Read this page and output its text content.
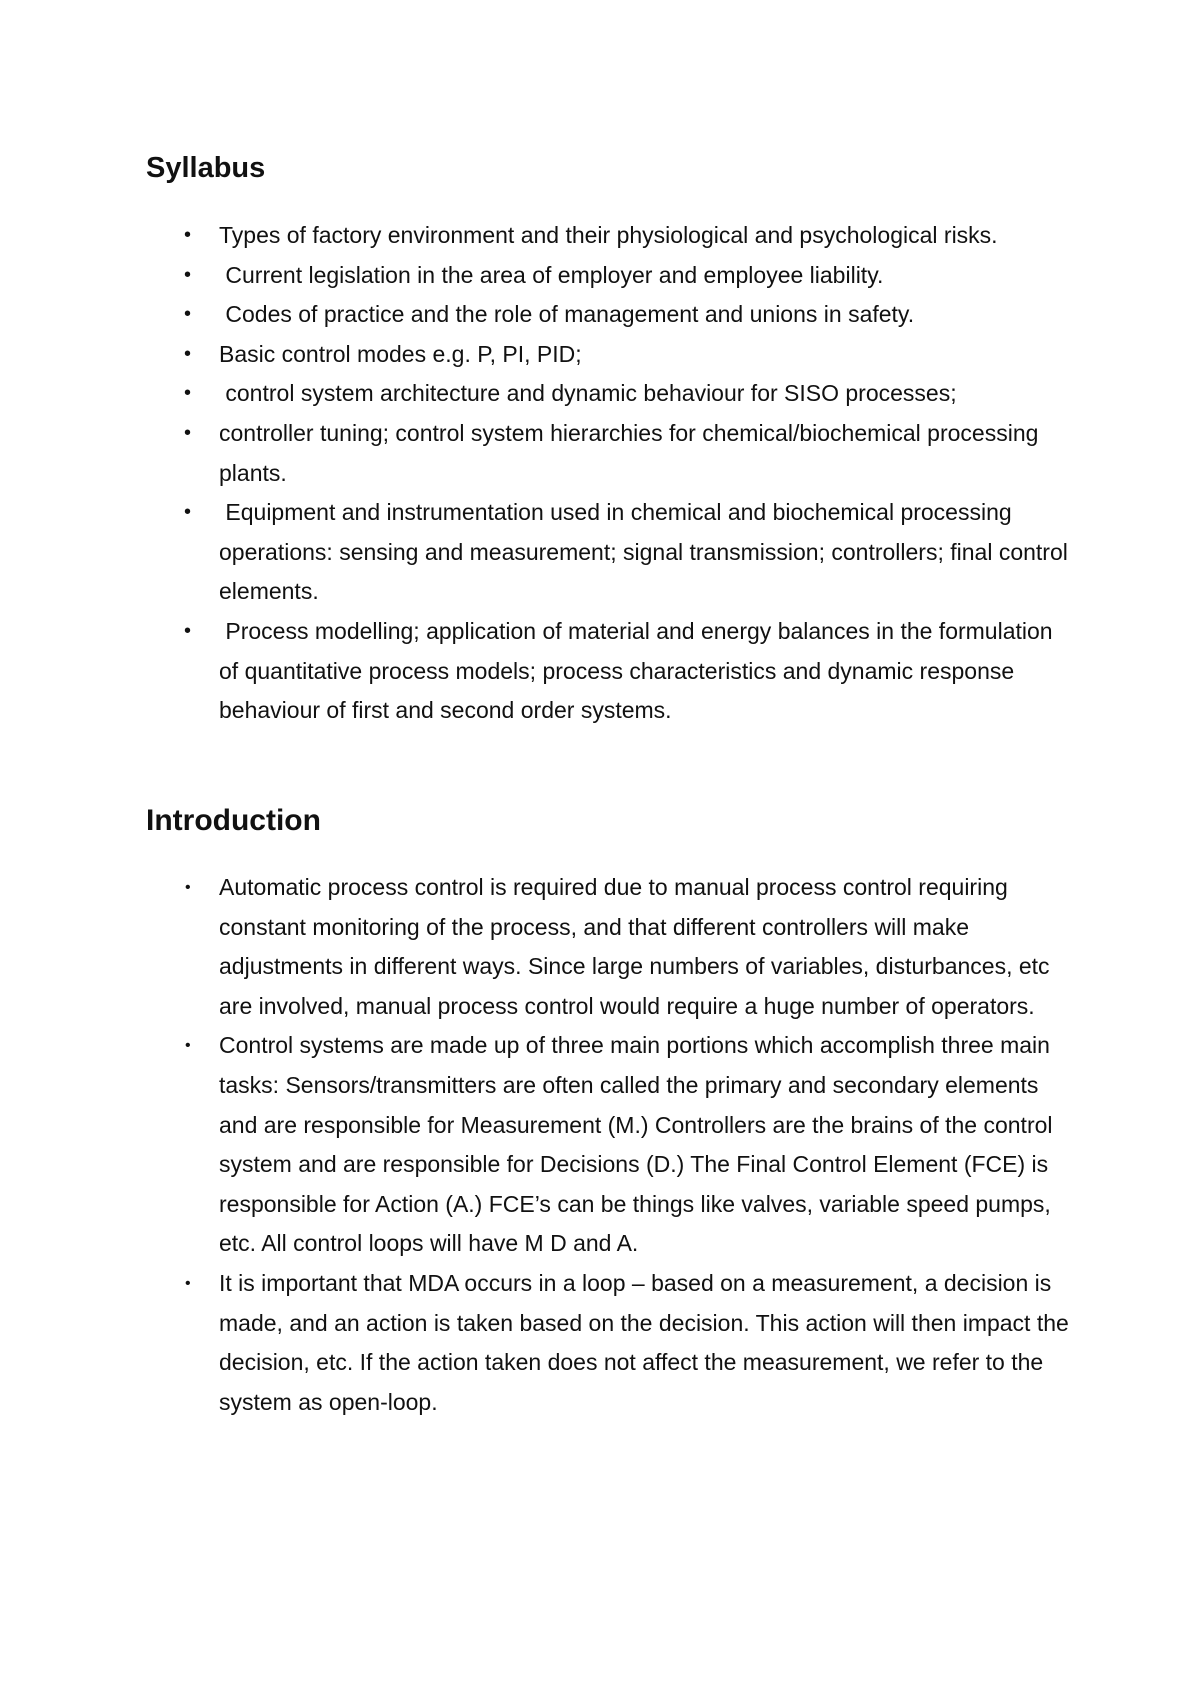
Syllabus
• Types of factory environment and their physiological and psychological risks.
• Current legislation in the area of employer and employee liability.
• Codes of practice and the role of management and unions in safety.
• Basic control modes e.g. P, PI, PID;
• control system architecture and dynamic behaviour for SISO processes;
• controller tuning; control system hierarchies for chemical/biochemical processing plants.
• Equipment and instrumentation used in chemical and biochemical processing operations: sensing and measurement; signal transmission; controllers; final control elements.
• Process modelling; application of material and energy balances in the formulation of quantitative process models; process characteristics and dynamic response behaviour of first and second order systems.
Introduction
• Automatic process control is required due to manual process control requiring constant monitoring of the process, and that different controllers will make adjustments in different ways. Since large numbers of variables, disturbances, etc are involved, manual process control would require a huge number of operators.
• Control systems are made up of three main portions which accomplish three main tasks: Sensors/transmitters are often called the primary and secondary elements and are responsible for Measurement (M.) Controllers are the brains of the control system and are responsible for Decisions (D.) The Final Control Element (FCE) is responsible for Action (A.) FCE’s can be things like valves, variable speed pumps, etc. All control loops will have M D and A.
• It is important that MDA occurs in a loop – based on a measurement, a decision is made, and an action is taken based on the decision. This action will then impact the decision, etc. If the action taken does not affect the measurement, we refer to the system as open-loop.
